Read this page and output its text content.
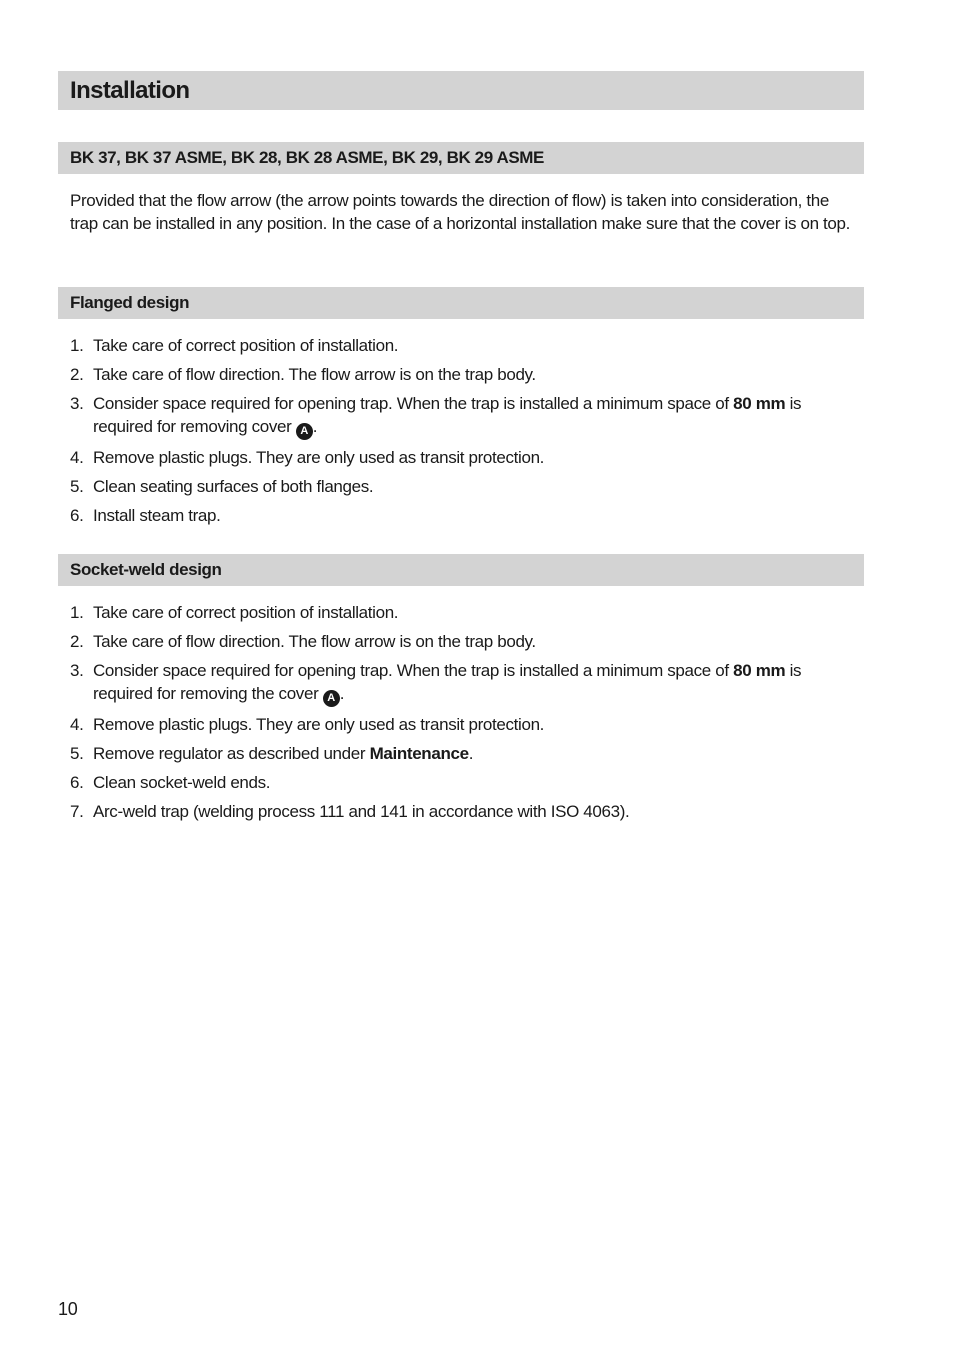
Installation
BK 37, BK 37 ASME, BK 28, BK 28 ASME, BK 29, BK 29 ASME

Provided that the flow arrow (the arrow points towards the direction of flow) is taken into consideration, the trap can be installed in any position. In the case of a horizontal installation make sure that the cover is on top.

Flanged design
1. Take care of correct position of installation.
2. Take care of flow direction. The flow arrow is on the trap body.
3. Consider space required for opening trap. When the trap is installed a minimum space of 80 mm is required for removing cover A .
4. Remove plastic plugs. They are only used as transit protection.
5. Clean seating surfaces of both flanges.
6. Install steam trap.
Socket-weld design
1. Take care of correct position of installation.
2. Take care of flow direction. The flow arrow is on the trap body.
3. Consider space required for opening trap. When the trap is installed a minimum space of 80 mm is required for removing the cover A .
4. Remove plastic plugs. They are only used as transit protection.
5. Remove regulator as described under Maintenance.
6. Clean socket-weld ends.
7. Arc-weld trap (welding process 111 and 141 in accordance with ISO 4063).
10
